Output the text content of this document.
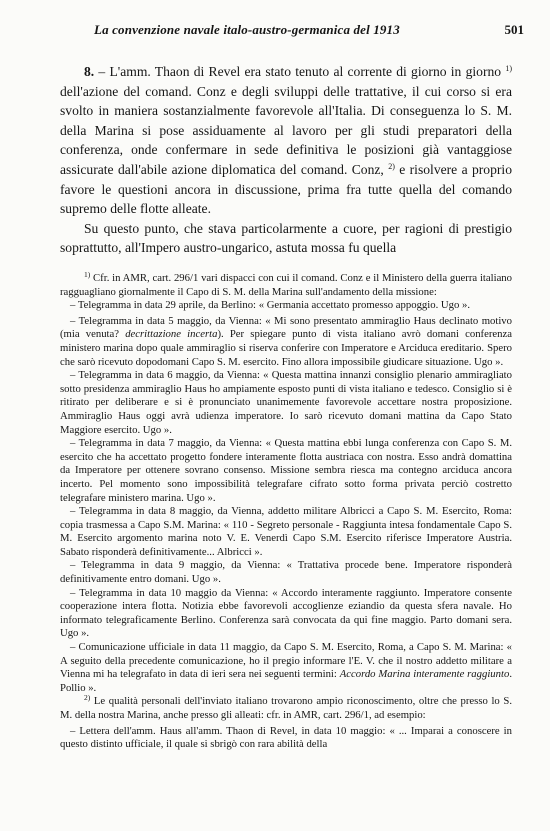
La convenzione navale italo-austro-germanica del 1913	501

8. – L'amm. Thaon di Revel era stato tenuto al corrente di giorno in giorno $^{1)}$ dell'azione del comand. Conz e degli sviluppi delle trattative, il cui corso si era svolto in maniera sostanzialmente favorevole all'Italia. Di conseguenza lo S. M. della Marina si pose assiduamente al lavoro per gli studi preparatori della conferenza, onde confermare in sede definitiva le posizioni già vantaggiose assicurate dall'abile azione diplomatica del comand. Conz, $^{2)}$ e risolvere a proprio favore le questioni ancora in discussione, prima fra tutte quella del comando supremo delle flotte alleate.

Su questo punto, che stava particolarmente a cuore, per ragioni di prestigio soprattutto, all'Impero austro-ungarico, astuta mossa fu quella

$^{1)}$ Cfr. in AMR, cart. 296/1 vari dispacci con cui il comand. Conz e il Ministero della guerra italiano ragguagliano giornalmente il Capo di S. M. della Marina sull'andamento della missione:

– Telegramma in data 29 aprile, da Berlino: « Germania accettato promesso appoggio. Ugo ».

– Telegramma in data 5 maggio, da Vienna: « Mi sono presentato ammiraglio Haus declinato motivo (mia venuta? decrittazione incerta). Per spiegare punto di vista italiano avrò domani conferenza ministero marina dopo quale ammiraglio si riserva conferire con Imperatore e Arciduca ereditario. Spero che sarò ricevuto dopodomani Capo S. M. esercito. Fino allora impossibile giudicare situazione. Ugo ».

– Telegramma in data 6 maggio, da Vienna: « Questa mattina innanzi consiglio plenario ammiragliato sotto presidenza ammiraglio Haus ho ampiamente esposto punti di vista italiano e tedesco. Consiglio si è ritirato per deliberare e si è pronunciato unanimemente favorevole accettare nostra proposizione. Ammiraglio Haus oggi avrà udienza imperatore. Io sarò ricevuto domani mattina da Capo Stato Maggiore esercito. Ugo ».

– Telegramma in data 7 maggio, da Vienna: « Questa mattina ebbi lunga conferenza con Capo S. M. esercito che ha accettato progetto fondere interamente flotta austriaca con nostra. Esso andrà domattina da Imperatore per ottenere sovrano consenso. Missione sembra riesca ma contegno arciduca ancora incerto. Pel momento sono impossibilità telegrafare cifrato sotto forma privata perciò costretto telegrafare ministero marina. Ugo ».

– Telegramma in data 8 maggio, da Vienna, addetto militare Albricci a Capo S. M. Esercito, Roma: copia trasmessa a Capo S.M. Marina: « 110 - Segreto personale - Raggiunta intesa fondamentale Capo S. M. Esercito argomento marina noto V. E. Venerdì Capo S.M. Esercito riferisce Imperatore Austria. Sabato risponderà definitivamente... Albricci ».

– Telegramma in data 9 maggio, da Vienna: « Trattativa procede bene. Imperatore risponderà definitivamente entro domani. Ugo ».

– Telegramma in data 10 maggio da Vienna: « Accordo interamente raggiunto. Imperatore consente cooperazione intera flotta. Notizia ebbe favorevoli accoglienze eziandio da questa sfera navale. Ho informato telegraficamente Berlino. Conferenza sarà convocata da qui fine maggio. Parto domani sera. Ugo ».

– Comunicazione ufficiale in data 11 maggio, da Capo S. M. Esercito, Roma, a Capo S. M. Marina: « A seguito della precedente comunicazione, ho il pregio informare l'E. V. che il nostro addetto militare a Vienna mi ha telegrafato in data di ieri sera nei seguenti termini: Accordo Marina interamente raggiunto. Pollio ».

$^{2)}$ Le qualità personali dell'inviato italiano trovarono ampio riconoscimento, oltre che presso lo S. M. della nostra Marina, anche presso gli alleati: cfr. in AMR, cart. 296/1, ad esempio:

– Lettera dell'amm. Haus all'amm. Thaon di Revel, in data 10 maggio: « ... Imparai a conoscere in questo distinto ufficiale, il quale si sbrigò con rara abilità della
